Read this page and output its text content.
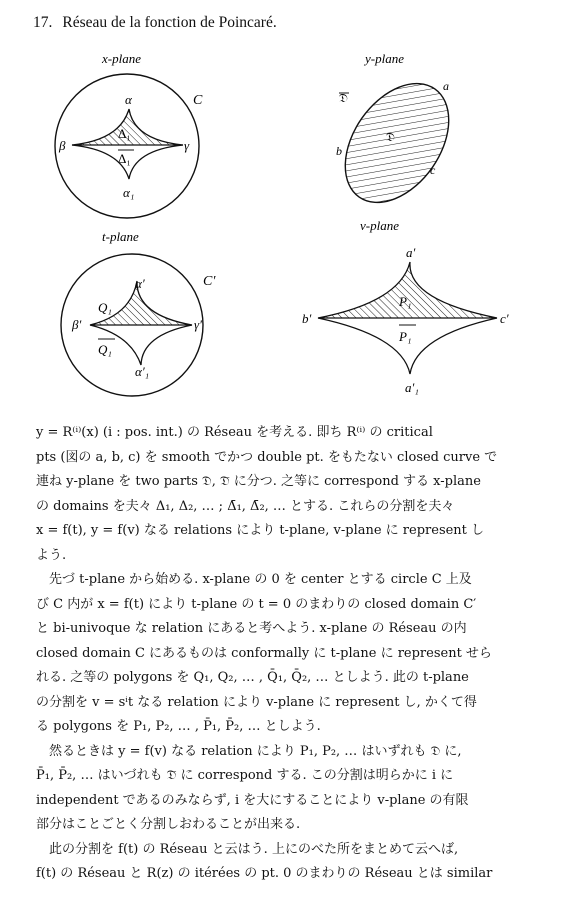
17. Réseau de la fonction de Poincaré.
x-plane
C
α
β	γ
α₁
Δ₁
Δ₁
y-plane
𝔇
𝔇
a
b
c
t-plane
C′
α′
β′	γ′
α′₁
Q₁
Q₁
v-plane
a′
b′	c′
a′₁
P₁
P₁

y = R⁽ⁱ⁾(x) (i : pos. int.) の Réseau を考える. 即ち R⁽ⁱ⁾ の critical

pts (図の a, b, c) を smooth でかつ double pt. をもたない closed curve で

連ね y-plane を two parts 𝔇, 𝔇̄ に分つ. 之等に correspond する x-plane

の domains を夫々 Δ₁, Δ₂, … ; Δ̄₁, Δ̄₂, … とする. これらの分割を夫々

x = f(t), y = f(v) なる relations により t-plane, v-plane に represent し

よう.

先づ t-plane から始める. x-plane の 0 を center とする circle C 上及

び C 内が x = f(t) により t-plane の t = 0 のまわりの closed domain C′

と bi-univoque な relation にあると考へよう. x-plane の Réseau の内

closed domain C にあるものは conformally に t-plane に represent せら

れる. 之等の polygons を Q₁, Q₂, … , Q̄₁, Q̄₂, … としよう. 此の t-plane

の分割を v = sⁱt なる relation により v-plane に represent し, かくて得

る polygons を P₁, P₂, … , P̄₁, P̄₂, … としよう.

然るときは y = f(v) なる relation により P₁, P₂, … はいずれも 𝔇 に,

P̄₁, P̄₂, … はいづれも 𝔇̄ に correspond する. この分割は明らかに i に

independent であるのみならず, i を大にすることにより v-plane の有限

部分はことごとく分割しおわることが出来る.

此の分割を f(t) の Réseau と云はう. 上にのべた所をまとめて云へば,

f(t) の Réseau と R(z) の itérées の pt. 0 のまわりの Réseau とは similar
